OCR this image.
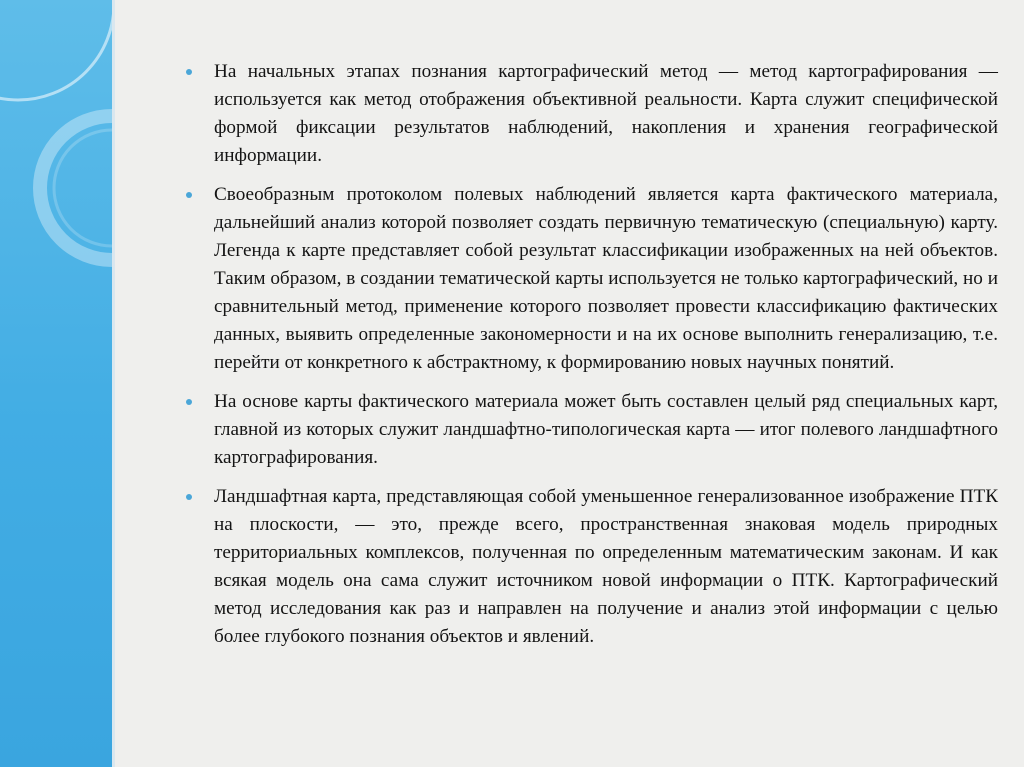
На начальных этапах познания картографический метод — метод картографирования — используется как метод отображения объективной реальности. Карта служит специфической формой фиксации результатов наблюдений, накопления и хранения географической информации.
Своеобразным протоколом полевых наблюдений является карта фактического материала, дальнейший анализ которой позволяет создать первичную тематическую (специальную) карту. Легенда к карте представляет собой результат классификации изображенных на ней объектов. Таким образом, в создании тематической карты используется не только картографический, но и сравнительный метод, применение которого позволяет провести классификацию фактических данных, выявить определенные закономерности и на их основе выполнить генерализацию, т.е. перейти от конкретного к абстрактному, к формированию новых научных понятий.
На основе карты фактического материала может быть составлен целый ряд специальных карт, главной из которых служит ландшафтно-типологическая карта — итог полевого ландшафтного картографирования.
Ландшафтная карта, представляющая собой уменьшенное генерализованное изображение ПТК на плоскости, — это, прежде всего, пространственная знаковая модель природных территориальных комплексов, полученная по определенным математическим законам. И как всякая модель она сама служит источником новой информации о ПТК. Картографический метод исследования как раз и направлен на получение и анализ этой информации с целью более глубокого познания объектов и явлений.
